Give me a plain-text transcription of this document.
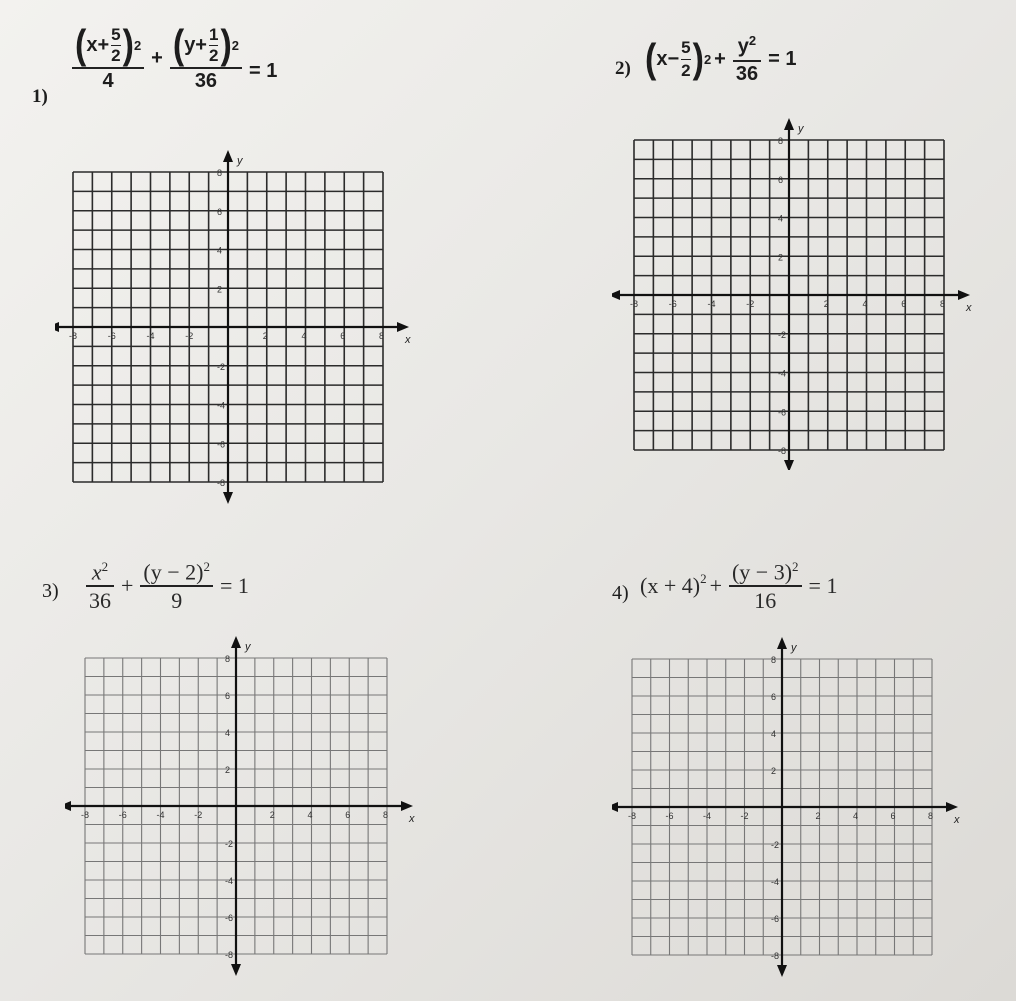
1)
$\frac{( x+ \frac{5}{2} ) 2}{4} + \frac{( y+ \frac{1}{2} ) 2}{36} = 1$	2) ( $x- \frac{5}{2}$ ) $2 + \frac{y^2}{36} = 1$
$3) \frac{x^2}{36} + \frac{(y - 2)^2}{9} = 1$	4) $(x + 4)^2 + \frac{(y - 3)^2}{16} = 1$
x
y
-8	-6	-4	-2	2	4	6	8
8
6
4
2
-2
-4
-6
-8
x
y
-8	-6	-4	-2	2	4	6	8
8
6
4
2
-2
-4
-6
-8
x
y
-8	-6	-4	-2	2	4	6	8
8
6
4
2
-2
-4
-6
-8
x
y
-8	-6	-4	-2	2	4	6	8
8
6
4
2
-2
-4
-6
-8
